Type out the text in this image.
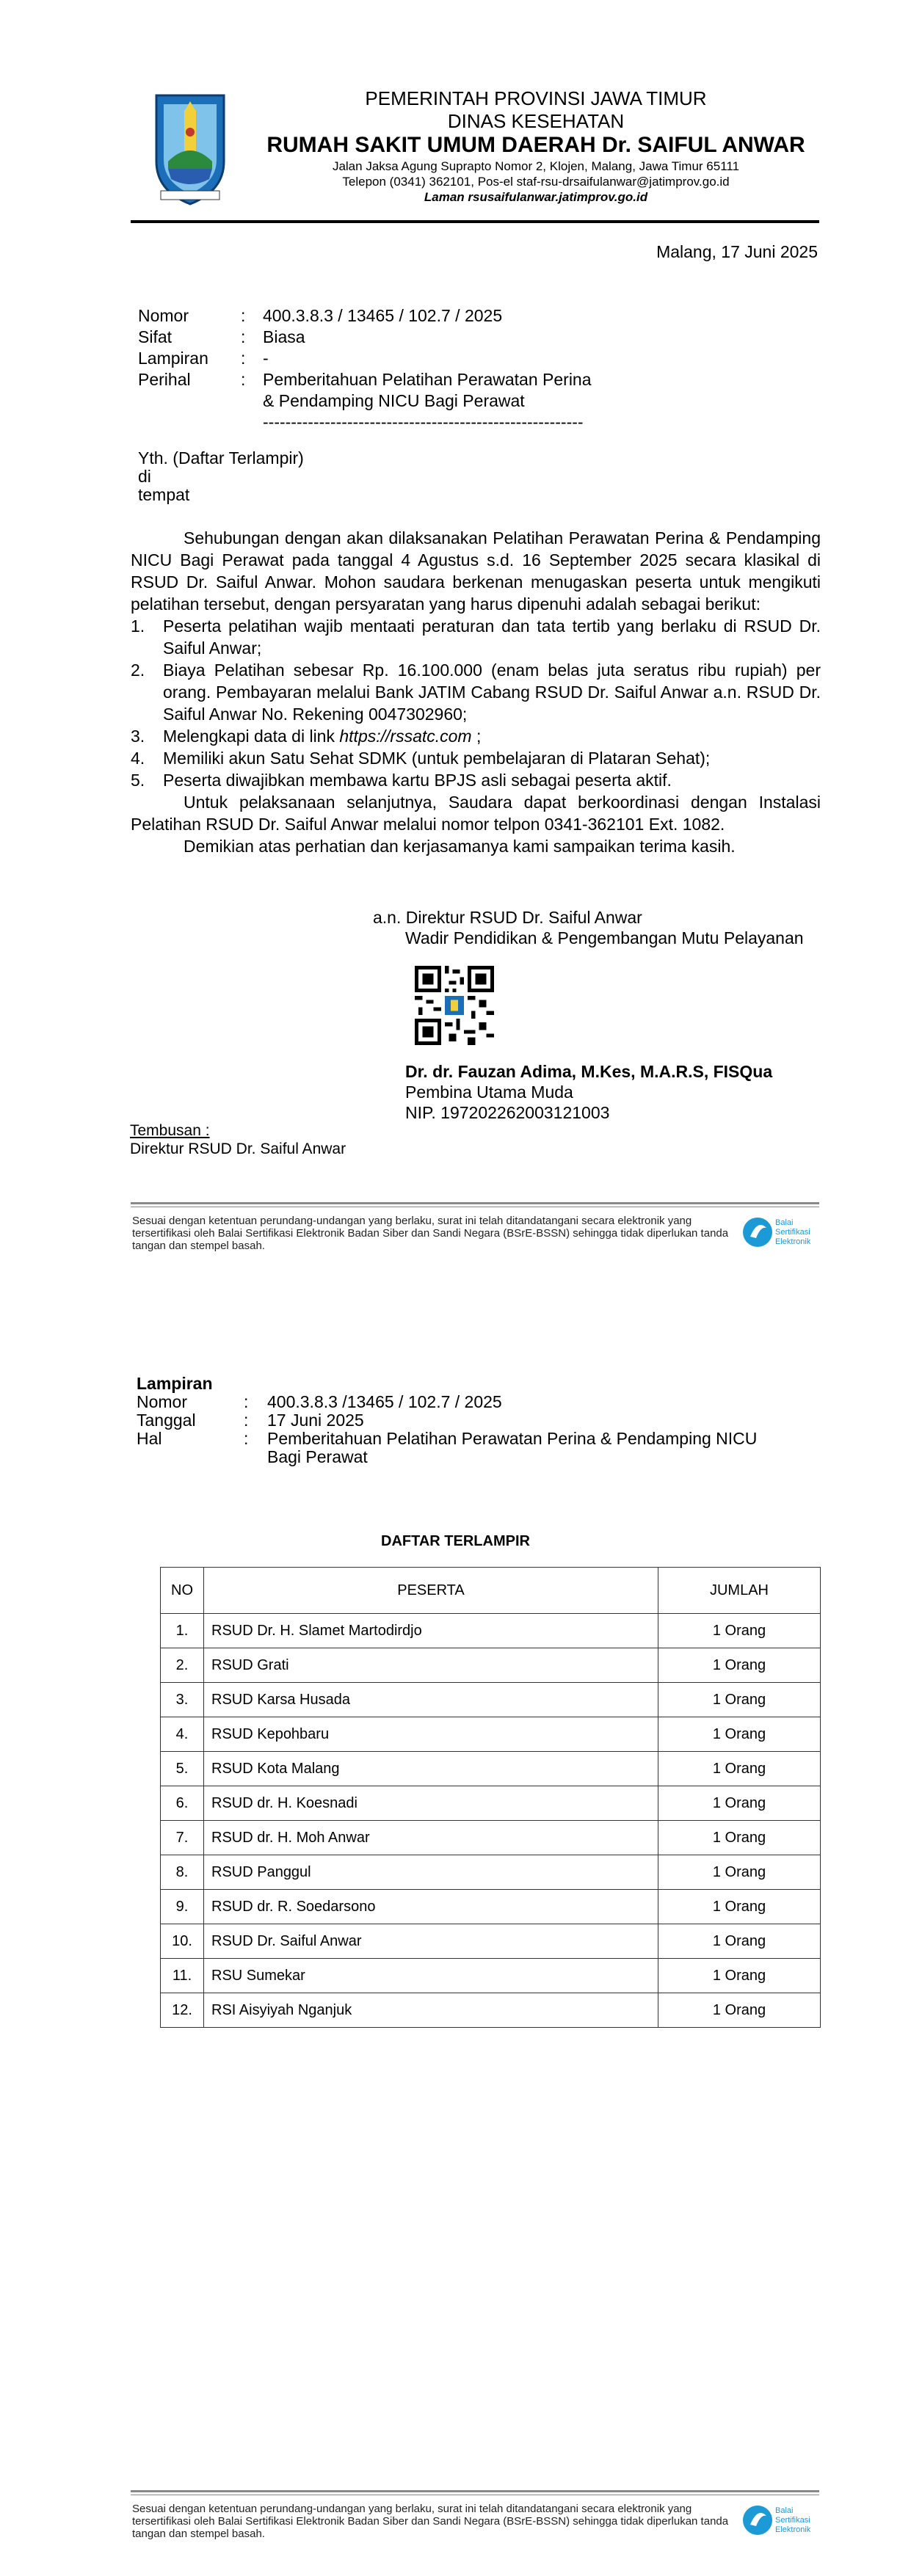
PEMERINTAH PROVINSI JAWA TIMUR
DINAS KESEHATAN
RUMAH SAKIT UMUM DAERAH Dr. SAIFUL ANWAR
Jalan Jaksa Agung Suprapto Nomor 2, Klojen, Malang, Jawa Timur 65111
Telepon (0341) 362101, Pos-el staf-rsu-drsaifulanwar@jatimprov.go.id
Laman rsusaifulanwar.jatimprov.go.id
Malang, 17 Juni 2025
Nomor	:	400.3.8.3 / 13465 / 102.7 / 2025
Sifat	:	Biasa
Lampiran	:	-
Perihal	:	Pemberitahuan Pelatihan Perawatan Perina
& Pendamping NICU Bagi Perawat
---------------------------------------------------------
Yth. (Daftar Terlampir)
di
tempat

Sehubungan dengan akan dilaksanakan Pelatihan Perawatan Perina & Pendamping NICU Bagi Perawat pada tanggal 4 Agustus s.d. 16 September 2025 secara klasikal di RSUD Dr. Saiful Anwar. Mohon saudara berkenan menugaskan peserta untuk mengikuti pelatihan tersebut, dengan persyaratan yang harus dipenuhi adalah sebagai berikut:

1.	Peserta pelatihan wajib mentaati peraturan dan tata tertib yang berlaku di RSUD Dr. Saiful Anwar;
2.	Biaya Pelatihan sebesar Rp. 16.100.000 (enam belas juta seratus ribu rupiah) per orang. Pembayaran melalui Bank JATIM Cabang RSUD Dr. Saiful Anwar a.n. RSUD Dr. Saiful Anwar No. Rekening 0047302960;
3.	Melengkapi data di link https://rssatc.com ;
4.	Memiliki akun Satu Sehat SDMK (untuk pembelajaran di Plataran Sehat);
5.	Peserta diwajibkan membawa kartu BPJS asli sebagai peserta aktif.

Untuk pelaksanaan selanjutnya, Saudara dapat berkoordinasi dengan Instalasi Pelatihan RSUD Dr. Saiful Anwar melalui nomor telpon 0341-362101 Ext. 1082.

Demikian atas perhatian dan kerjasamanya kami sampaikan terima kasih.

a.n. Direktur RSUD Dr. Saiful Anwar
Wadir Pendidikan & Pengembangan Mutu Pelayanan
Dr. dr. Fauzan Adima, M.Kes, M.A.R.S, FISQua
Pembina Utama Muda
NIP. 197202262003121003
Tembusan :
Direktur RSUD Dr. Saiful Anwar
Sesuai dengan ketentuan perundang-undangan yang berlaku, surat ini telah ditandatangani secara elektronik yang tersertifikasi oleh Balai Sertifikasi Elektronik Badan Siber dan Sandi Negara (BSrE-BSSN) sehingga tidak diperlukan tanda tangan dan stempel basah.
Balai
Sertifikasi
Elektronik
Lampiran
Nomor	:	400.3.8.3 /13465 / 102.7 / 2025
Tanggal	:	17 Juni 2025
Hal	:	Pemberitahuan Pelatihan Perawatan Perina & Pendamping NICU
Bagi Perawat
DAFTAR TERLAMPIR
NO	PESERTA	JUMLAH
1.	RSUD Dr. H. Slamet Martodirdjo	1 Orang
2.	RSUD Grati	1 Orang
3.	RSUD Karsa Husada	1 Orang
4.	RSUD Kepohbaru	1 Orang
5.	RSUD Kota Malang	1 Orang
6.	RSUD dr. H. Koesnadi	1 Orang
7.	RSUD dr. H. Moh Anwar	1 Orang
8.	RSUD Panggul	1 Orang
9.	RSUD dr. R. Soedarsono	1 Orang
10.	RSUD Dr. Saiful Anwar	1 Orang
11.	RSU Sumekar	1 Orang
12.	RSI Aisyiyah Nganjuk	1 Orang
Sesuai dengan ketentuan perundang-undangan yang berlaku, surat ini telah ditandatangani secara elektronik yang tersertifikasi oleh Balai Sertifikasi Elektronik Badan Siber dan Sandi Negara (BSrE-BSSN) sehingga tidak diperlukan tanda tangan dan stempel basah.
Balai
Sertifikasi
Elektronik
